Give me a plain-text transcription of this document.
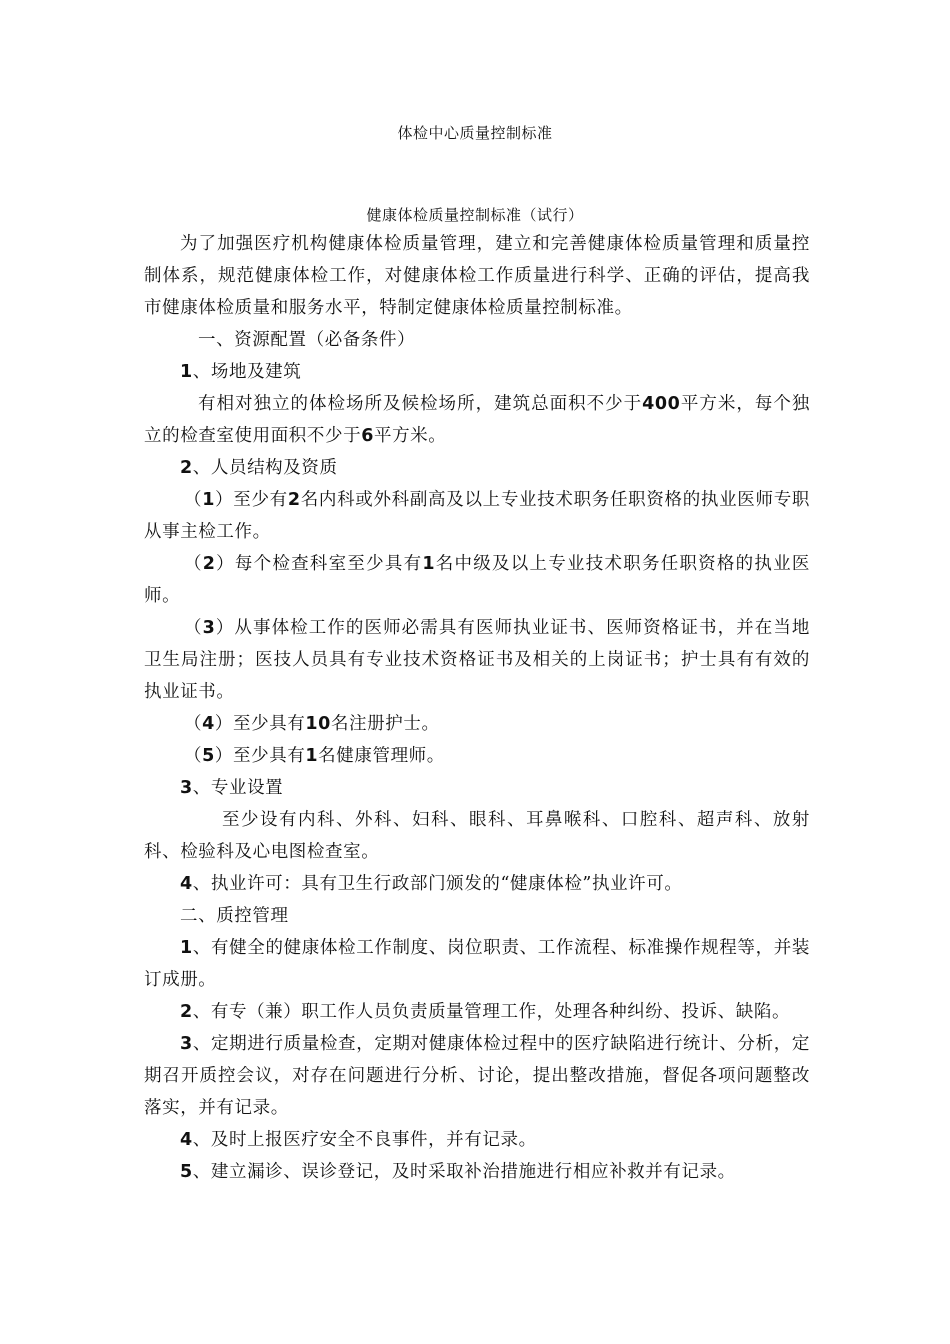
体检中心质量控制标准
健康体检质量控制标准（试行）

为了加强医疗机构健康体检质量管理，建立和完善健康体检质量管理和质量控制体系，规范健康体检工作，对健康体检工作质量进行科学、正确的评估，提高我市健康体检质量和服务水平，特制定健康体检质量控制标准。

一、资源配置（必备条件）

1、场地及建筑

有相对独立的体检场所及候检场所，建筑总面积不少于400平方米，每个独立的检查室使用面积不少于6平方米。

2、人员结构及资质

（1）至少有2名内科或外科副高及以上专业技术职务任职资格的执业医师专职从事主检工作。

（2）每个检查科室至少具有1名中级及以上专业技术职务任职资格的执业医师。

（3）从事体检工作的医师必需具有医师执业证书、医师资格证书，并在当地卫生局注册；医技人员具有专业技术资格证书及相关的上岗证书；护士具有有效的执业证书。

（4）至少具有10名注册护士。

（5）至少具有1名健康管理师。

3、专业设置

至少设有内科、外科、妇科、眼科、耳鼻喉科、口腔科、超声科、放射科、检验科及心电图检查室。

4、执业许可：具有卫生行政部门颁发的“健康体检”执业许可。

二、质控管理

1、有健全的健康体检工作制度、岗位职责、工作流程、标准操作规程等，并装订成册。

2、有专（兼）职工作人员负责质量管理工作，处理各种纠纷、投诉、缺陷。

3、定期进行质量检查，定期对健康体检过程中的医疗缺陷进行统计、分析，定期召开质控会议，对存在问题进行分析、讨论，提出整改措施，督促各项问题整改落实，并有记录。

4、及时上报医疗安全不良事件，并有记录。

5、建立漏诊、误诊登记，及时采取补治措施进行相应补救并有记录。
